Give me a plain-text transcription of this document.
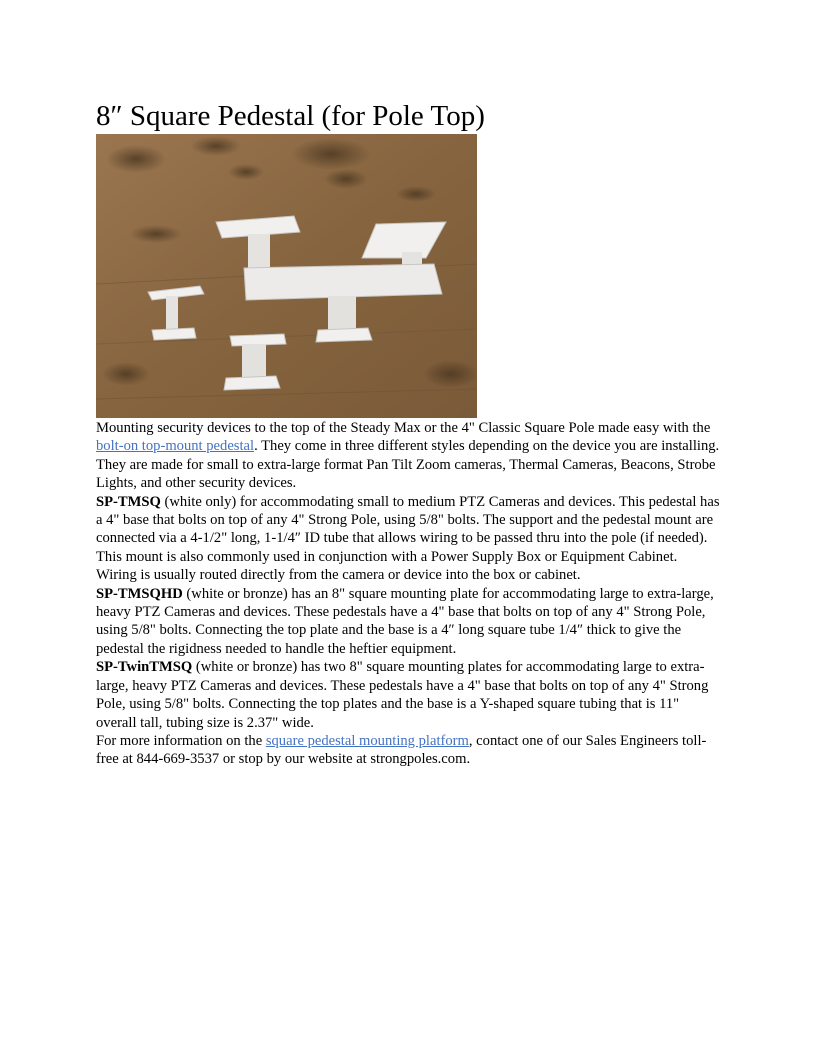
8″ Square Pedestal (for Pole Top)

Mounting security devices to the top of the Steady Max or the 4" Classic Square Pole made easy with the bolt-on top-mount pedestal. They come in three different styles depending on the device you are installing. They are made for small to extra-large format Pan Tilt Zoom cameras, Thermal Cameras, Beacons, Strobe Lights, and other security devices.

SP-TMSQ (white only) for accommodating small to medium PTZ Cameras and devices. This pedestal has a 4" base that bolts on top of any 4" Strong Pole, using 5/8" bolts. The support and the pedestal mount are connected via a 4-1/2" long, 1-1/4″ ID tube that allows wiring to be passed thru into the pole (if needed). This mount is also commonly used in conjunction with a Power Supply Box or Equipment Cabinet. Wiring is usually routed directly from the camera or device into the box or cabinet.

SP-TMSQHD (white or bronze) has an 8" square mounting plate for accommodating large to extra-large, heavy PTZ Cameras and devices. These pedestals have a 4" base that bolts on top of any 4" Strong Pole, using 5/8" bolts. Connecting the top plate and the base is a 4″ long square tube 1/4″ thick to give the pedestal the rigidness needed to handle the heftier equipment.

SP-TwinTMSQ (white or bronze) has two 8" square mounting plates for accommodating large to extra-large, heavy PTZ Cameras and devices. These pedestals have a 4" base that bolts on top of any 4" Strong Pole, using 5/8" bolts. Connecting the top plates and the base is a Y-shaped square tubing that is 11" overall tall, tubing size is 2.37" wide.

For more information on the square pedestal mounting platform, contact one of our Sales Engineers toll-free at 844-669-3537 or stop by our website at strongpoles.com.
